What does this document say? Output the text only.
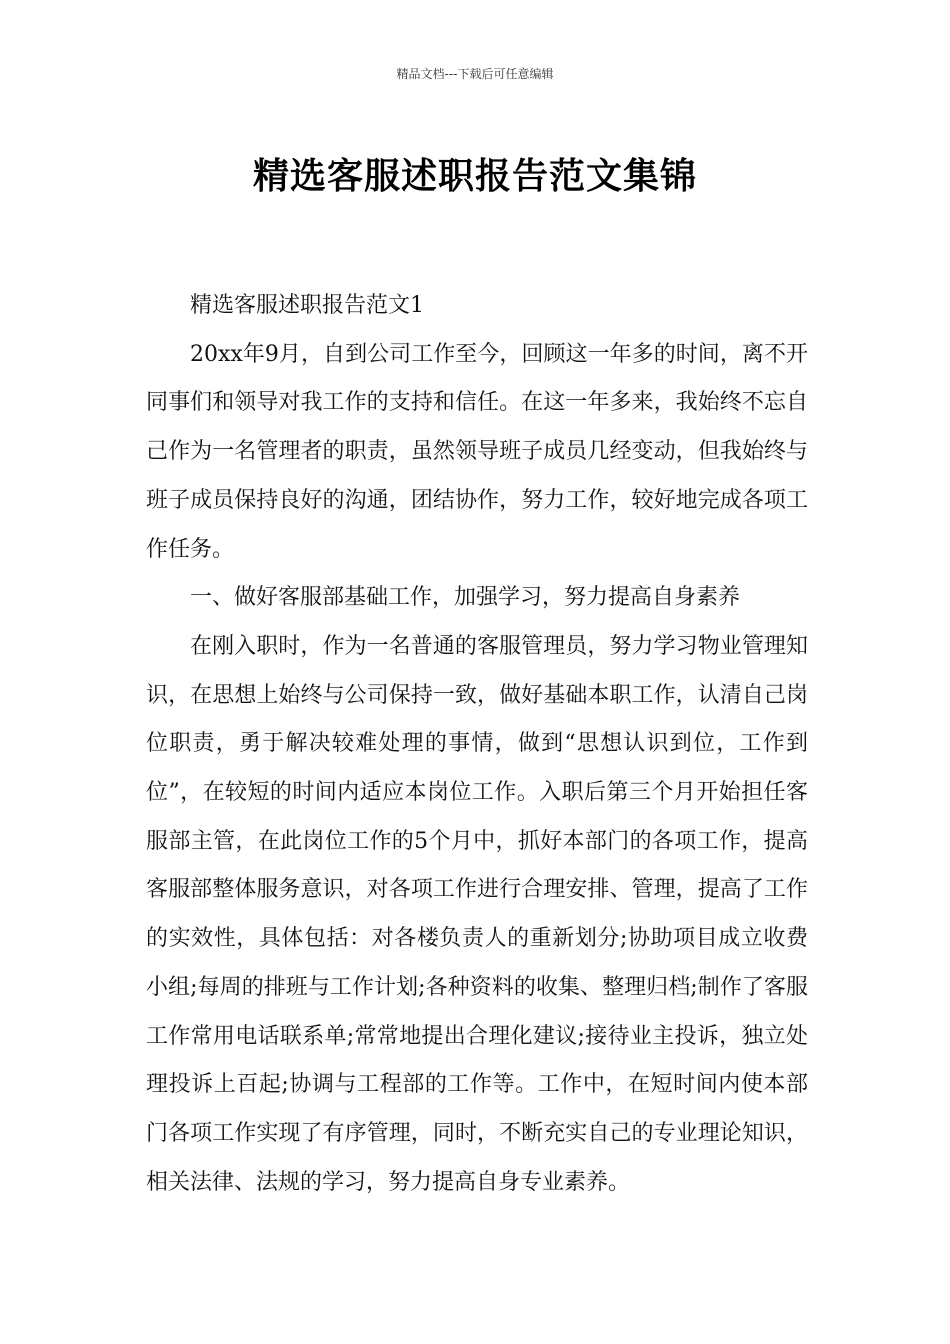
精品文档---下载后可任意编辑
精选客服述职报告范文集锦

精选客服述职报告范文1

20xx年9月，自到公司工作至今，回顾这一年多的时间，离不开同事们和领导对我工作的支持和信任。在这一年多来，我始终不忘自己作为一名管理者的职责，虽然领导班子成员几经变动，但我始终与班子成员保持良好的沟通，团结协作，努力工作，较好地完成各项工作任务。

一、做好客服部基础工作，加强学习，努力提高自身素养

在刚入职时，作为一名普通的客服管理员，努力学习物业管理知识，在思想上始终与公司保持一致，做好基础本职工作，认清自己岗位职责，勇于解决较难处理的事情，做到“思想认识到位，工作到位”，在较短的时间内适应本岗位工作。入职后第三个月开始担任客服部主管，在此岗位工作的5个月中，抓好本部门的各项工作，提高客服部整体服务意识，对各项工作进行合理安排、管理，提高了工作的实效性，具体包括：对各楼负责人的重新划分;协助项目成立收费小组;每周的排班与工作计划;各种资料的收集、整理归档;制作了客服工作常用电话联系单;常常地提出合理化建议;接待业主投诉，独立处理投诉上百起;协调与工程部的工作等。工作中，在短时间内使本部门各项工作实现了有序管理，同时，不断充实自己的专业理论知识，相关法律、法规的学习，努力提高自身专业素养。
